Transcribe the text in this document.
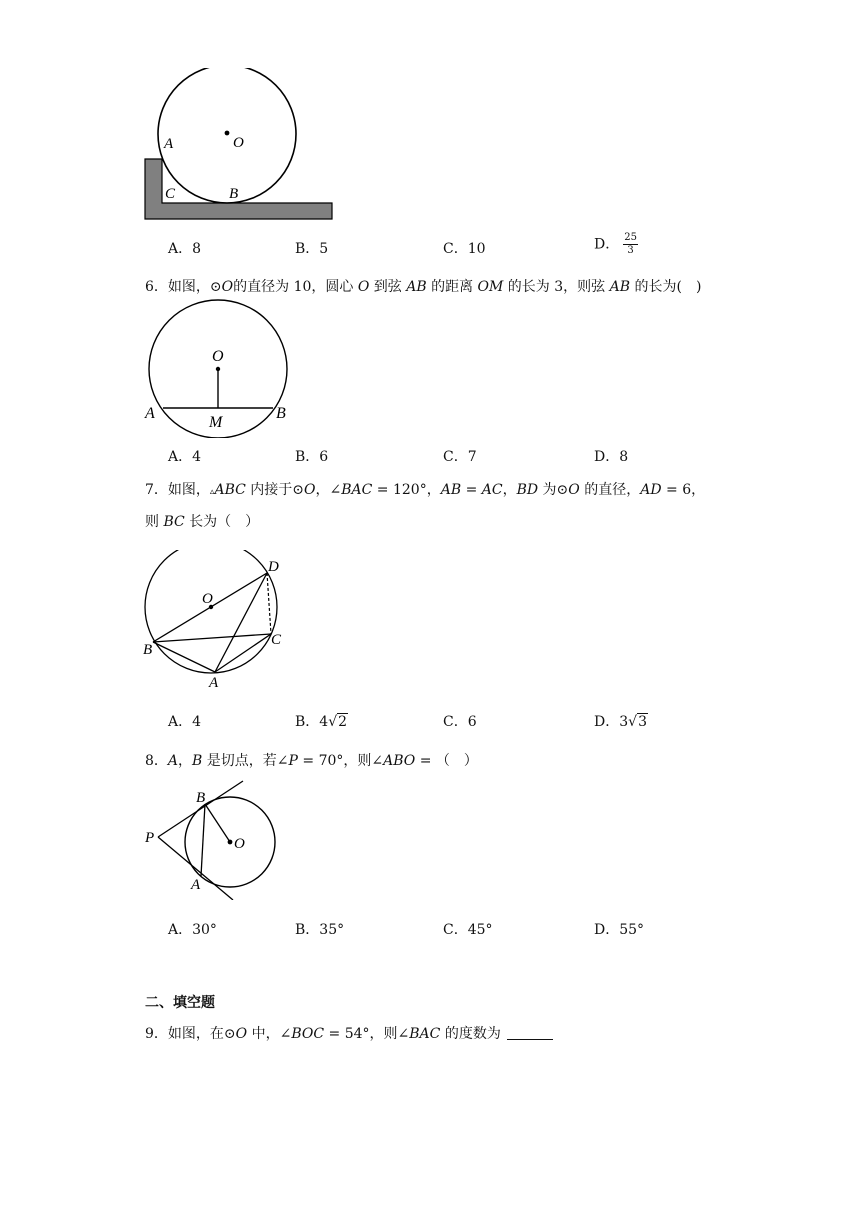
A	O
C	B
A．8	B．5	C．10	D． $\frac{25}{3}$
6．如图，⊙O的直径为 10，圆心 O 到弦 AB 的距离 OM 的长为 3，则弦 AB 的长为(　)
O
A
M
B
A．4	B．6	C．7	D．8
7．如图，▵ABC 内接于⊙O，∠BAC = 120°，AB = AC，BD 为⊙O 的直径，AD = 6，
则 BC 长为（　）
D
O
C
B
A
A．4	B．4√2	C．6	D．3√3
8．A，B 是切点，若∠P = 70°，则∠ABO = （　）
B
P	O
A
A．30°	B．35°	C．45°	D．55°
二、填空题
9．如图，在⊙O 中，∠BOC = 54°，则∠BAC 的度数为
